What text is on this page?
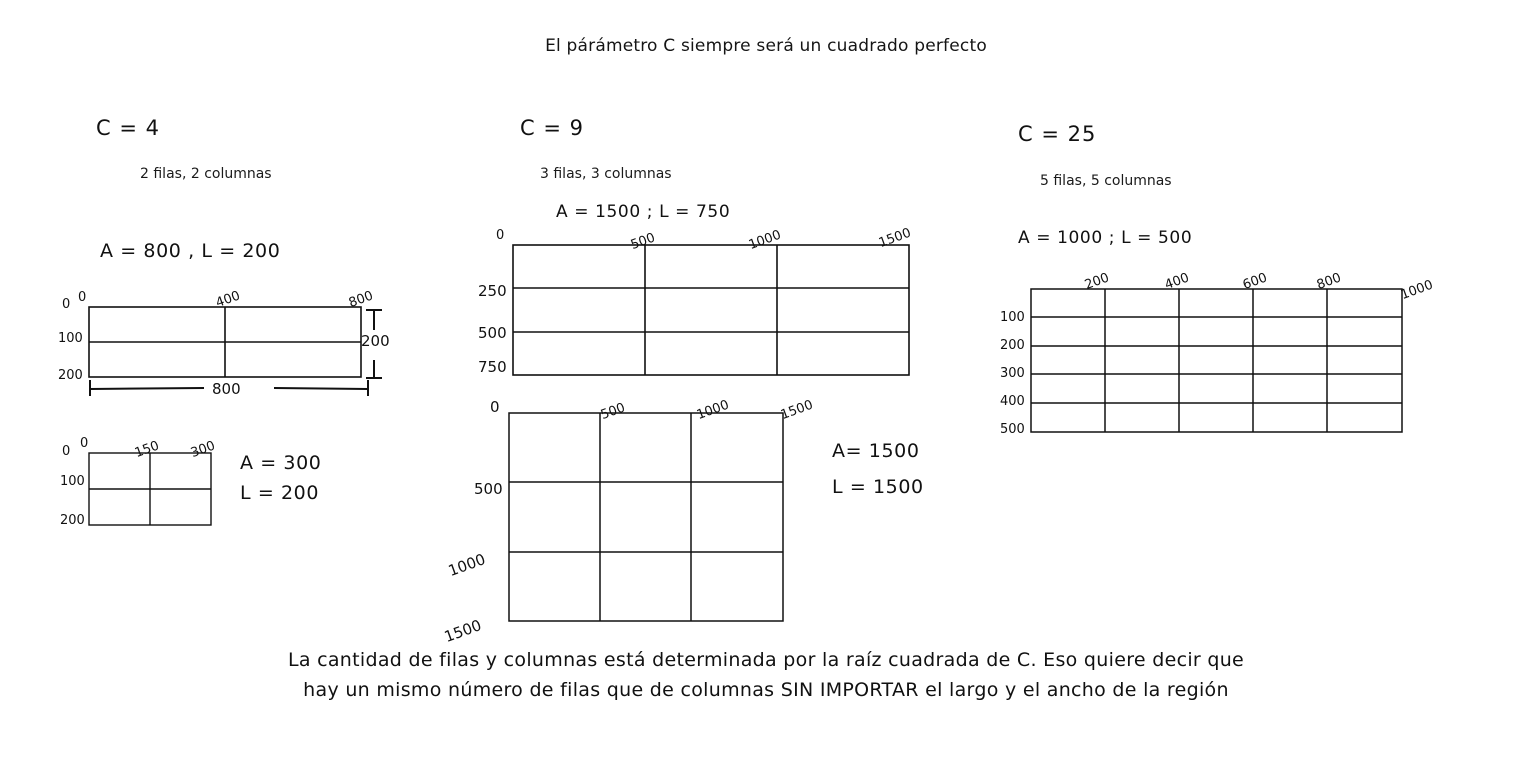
El párámetro C siempre será un cuadrado perfecto
C = 4
2 filas, 2 columnas
A = 800 , L = 200
0	400	800
0
100
200
800
200
0	150 300
0
100
200
A = 300
L = 200
C = 9
3 filas, 3 columnas
A = 1500 ; L = 750
0	500	1000	1500
250
500
750
0	500	1000	1500
500
1000
1500
A= 1500
L = 1500
C = 25
5 filas, 5 columnas
A = 1000 ; L = 500
200	400	600	800	1000
100
200
300
400
500
La cantidad de filas y columnas está determinada por la raíz cuadrada de C. Eso quiere decir que
hay un mismo número de filas que de columnas SIN IMPORTAR el largo y el ancho de la región
